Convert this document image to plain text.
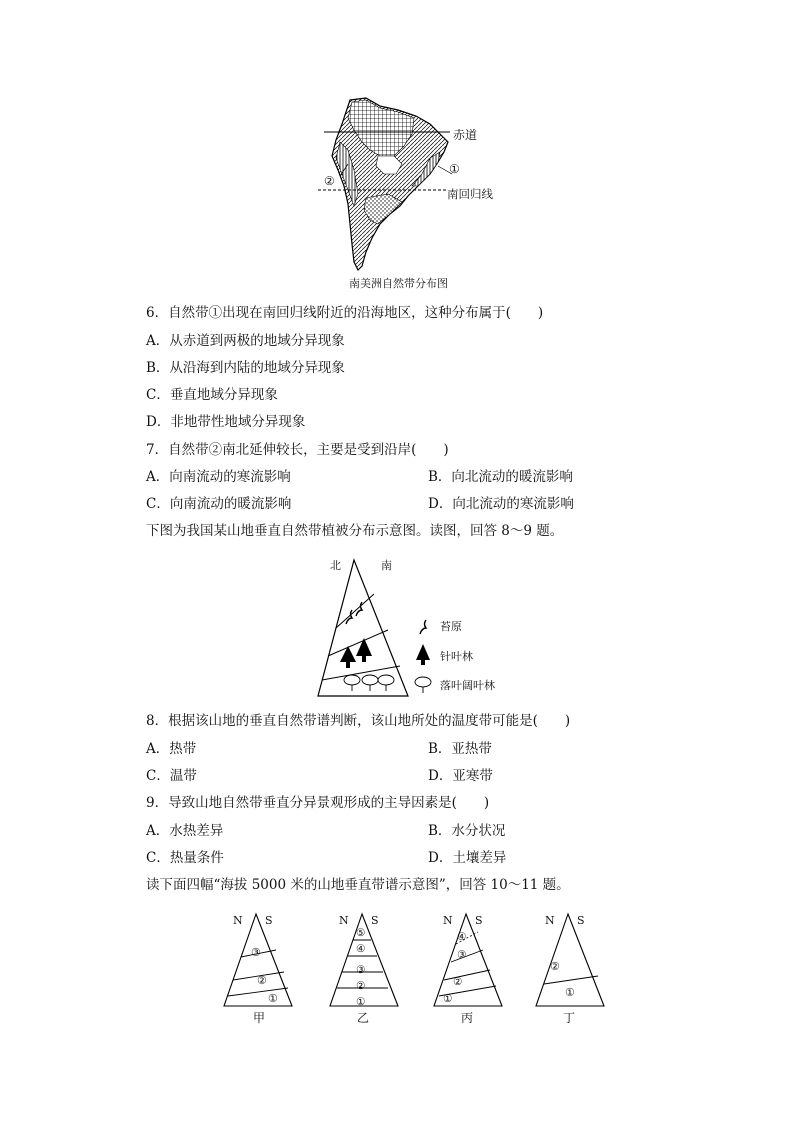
赤道
①
②
南回归线
南美洲自然带分布图
6．自然带①出现在南回归线附近的沿海地区，这种分布属于(　　)
A．从赤道到两极的地域分异现象
B．从沿海到内陆的地域分异现象
C．垂直地域分异现象
D．非地带性地域分异现象
7．自然带②南北延伸较长，主要是受到沿岸(　　)
A．向南流动的寒流影响	B．向北流动的暖流影响
C．向南流动的暖流影响	D．向北流动的寒流影响
下图为我国某山地垂直自然带植被分布示意图。读图，回答 8～9 题。
北	南
苔原
针叶林
落叶阔叶林
8．根据该山地的垂直自然带谱判断，该山地所处的温度带可能是(　　)
A．热带	B．亚热带
C．温带	D．亚寒带
9．导致山地自然带垂直分异景观形成的主导因素是(　　)
A．水热差异	B．水分状况
C．热量条件	D．土壤差异
读下面四幅“海拔 5000 米的山地垂直带谱示意图”，回答 10～11 题。
N S	N S	N S	N S
③
②
①
⑤
④
③
②
①
④
③
②
①
②
①
甲	乙	丙	丁
